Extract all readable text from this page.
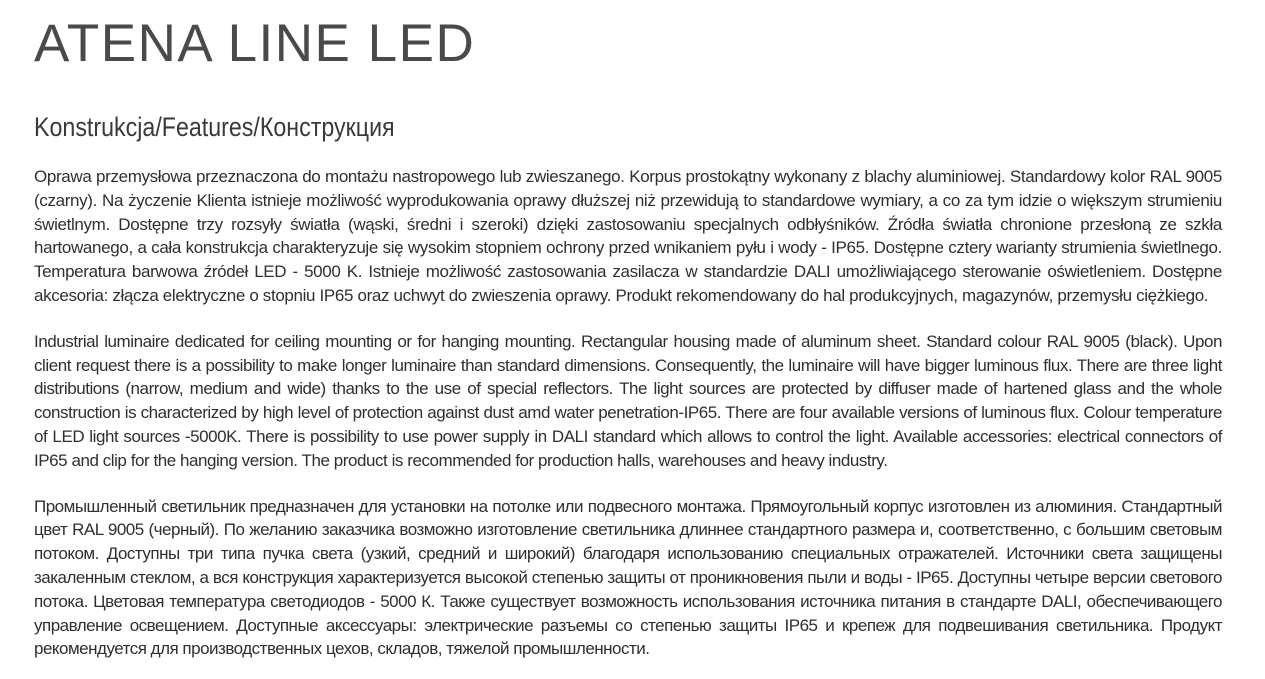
ATENA LINE LED
Konstrukcja/Features/Конструкция

Oprawa przemysłowa przeznaczona do montażu nastropowego lub zwieszanego. Korpus prostokątny wykonany z blachy aluminiowej. Standardowy kolor RAL 9005 (czarny). Na życzenie Klienta istnieje możliwość wyprodukowania oprawy dłuższej niż przewidują to standardowe wymiary, a co za tym idzie o większym strumieniu świetlnym. Dostępne trzy rozsyły światła (wąski, średni i szeroki) dzięki zastosowaniu specjalnych odbłyśników. Źródła światła chronione przesłoną ze szkła hartowanego, a cała konstrukcja charakteryzuje się wysokim stopniem ochrony przed wnikaniem pyłu i wody - IP65. Dostępne cztery warianty strumienia świetlnego. Temperatura barwowa źródeł LED - 5000 K. Istnieje możliwość zastosowania zasilacza w standardzie DALI umożliwiającego sterowanie oświetleniem. Dostępne akcesoria: złącza elektryczne o stopniu IP65 oraz uchwyt do zwieszenia oprawy. Produkt rekomendowany do hal produkcyjnych, magazynów, przemysłu ciężkiego.

Industrial luminaire dedicated for ceiling mounting or for hanging mounting. Rectangular housing made of aluminum sheet. Standard colour RAL 9005 (black). Upon client request there is a possibility to make longer luminaire than standard dimensions. Consequently, the luminaire will have bigger luminous flux. There are three light distributions (narrow, medium and wide) thanks to the use of special reflectors. The light sources are protected by diffuser made of hartened glass and the whole construction is characterized by high level of protection against dust amd water penetration-IP65. There are four available versions of luminous flux. Colour temperature of LED light sources -5000K. There is possibility to use power supply in DALI standard which allows to control the light. Available accessories: electrical connectors of IP65 and clip for the hanging version. The product is recommended for production halls, warehouses and heavy industry.

Промышленный светильник предназначен для установки на потолке или подвесного монтажа. Прямоугольный корпус изготовлен из алюминия. Стандартный цвет RAL 9005 (черный). По желанию заказчика возможно изготовление светильника длиннее стандартного размера и, соответственно, с большим световым потоком. Доступны три типа пучка света (узкий, средний и широкий) благодаря использованию специальных отражателей. Источники света защищены закаленным стеклом, а вся конструкция характеризуется высокой степенью защиты от проникновения пыли и воды - IP65. Доступны четыре версии светового потока. Цветовая температура светодиодов - 5000 К. Также существует возможность использования источника питания в стандарте DALI, обеспечивающего управление освещением. Доступные аксессуары: электрические разъемы со степенью защиты IP65 и крепеж для подвешивания светильника. Продукт рекомендуется для производственных цехов, складов, тяжелой промышленности.
